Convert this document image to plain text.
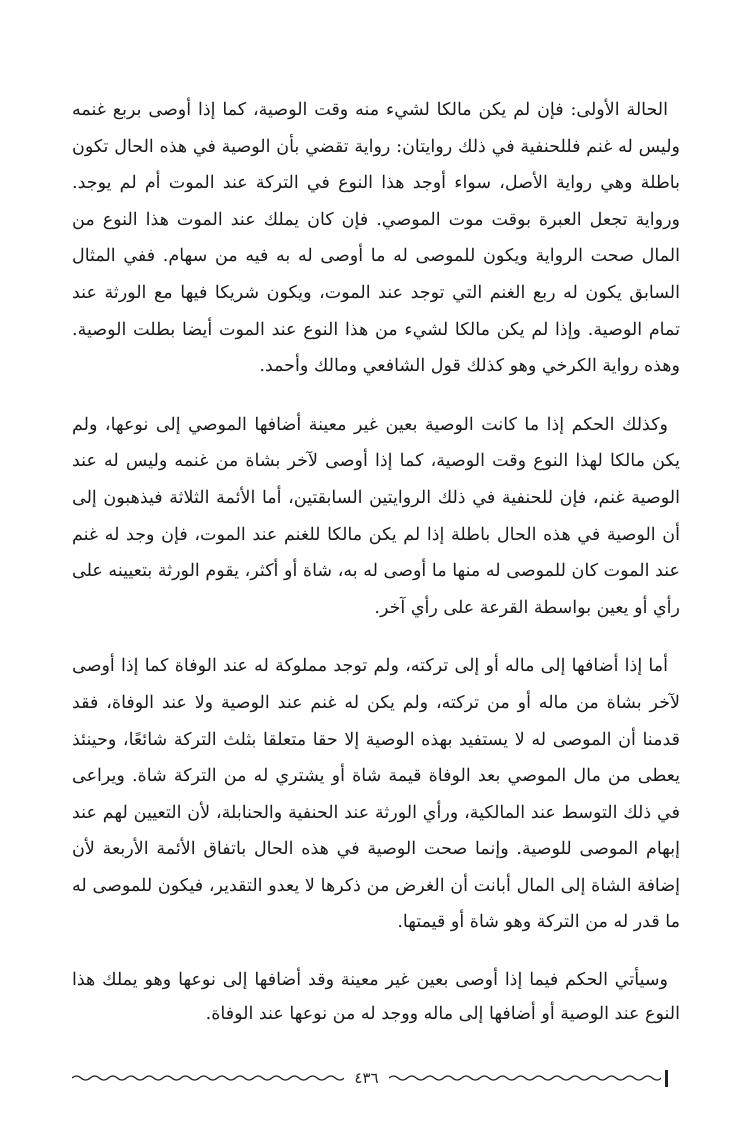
الحالة الأولى: فإن لم يكن مالكا لشيء منه وقت الوصية، كما إذا أوصى بربع غنمه وليس له غنم فللحنفية في ذلك روايتان: رواية تقضي بأن الوصية في هذه الحال تكون باطلة وهي رواية الأصل، سواء أوجد هذا النوع في التركة عند الموت أم لم يوجد. ورواية تجعل العبرة بوقت موت الموصي. فإن كان يملك عند الموت هذا النوع من المال صحت الرواية ويكون للموصى له ما أوصى له به فيه من سهام. ففي المثال السابق يكون له ربع الغنم التي توجد عند الموت، ويكون شريكا فيها مع الورثة عند تمام الوصية. وإذا لم يكن مالكا لشيء من هذا النوع عند الموت أيضا بطلت الوصية. وهذه رواية الكرخي وهو كذلك قول الشافعي ومالك وأحمد.

وكذلك الحكم إذا ما كانت الوصية بعين غير معينة أضافها الموصي إلى نوعها، ولم يكن مالكا لهذا النوع وقت الوصية، كما إذا أوصى لآخر بشاة من غنمه وليس له عند الوصية غنم، فإن للحنفية في ذلك الروايتين السابقتين، أما الأئمة الثلاثة فيذهبون إلى أن الوصية في هذه الحال باطلة إذا لم يكن مالكا للغنم عند الموت، فإن وجد له غنم عند الموت كان للموصى له منها ما أوصى له به، شاة أو أكثر، يقوم الورثة بتعيينه على رأي أو يعين بواسطة القرعة على رأي آخر.

أما إذا أضافها إلى ماله أو إلى تركته، ولم توجد مملوكة له عند الوفاة كما إذا أوصى لآخر بشاة من ماله أو من تركته، ولم يكن له غنم عند الوصية ولا عند الوفاة، فقد قدمنا أن الموصى له لا يستفيد بهذه الوصية إلا حقا متعلقا بثلث التركة شائعًا، وحينئذ يعطى من مال الموصي بعد الوفاة قيمة شاة أو يشتري له من التركة شاة. ويراعى في ذلك التوسط عند المالكية، ورأي الورثة عند الحنفية والحنابلة، لأن التعيين لهم عند إبهام الموصى للوصية. وإنما صحت الوصية في هذه الحال باتفاق الأئمة الأربعة لأن إضافة الشاة إلى المال أبانت أن الغرض من ذكرها لا يعدو التقدير، فيكون للموصى له ما قدر له من التركة وهو شاة أو قيمتها.

وسيأتي الحكم فيما إذا أوصى بعين غير معينة وقد أضافها إلى نوعها وهو يملك هذا النوع عند الوصية أو أضافها إلى ماله ووجد له من نوعها عند الوفاة.

٤٣٦
